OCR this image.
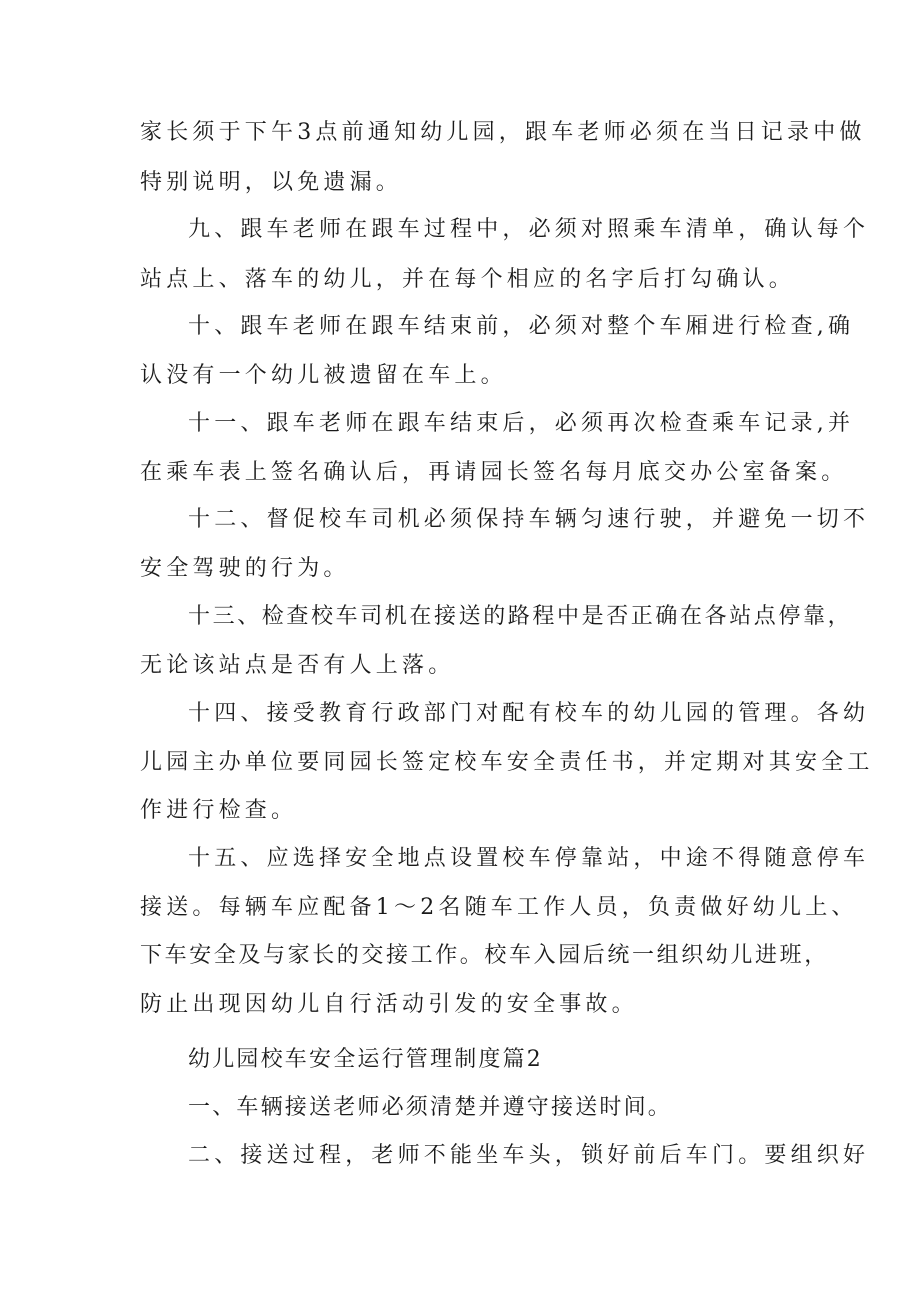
家长须于下午3点前通知幼儿园，跟车老师必须在当日记录中做
特别说明，以免遗漏。
九、跟车老师在跟车过程中，必须对照乘车清单，确认每个
站点上、落车的幼儿，并在每个相应的名字后打勾确认。
十、跟车老师在跟车结束前，必须对整个车厢进行检查,确
认没有一个幼儿被遗留在车上。
十一、跟车老师在跟车结束后，必须再次检查乘车记录,并
在乘车表上签名确认后，再请园长签名每月底交办公室备案。
十二、督促校车司机必须保持车辆匀速行驶，并避免一切不
安全驾驶的行为。
十三、检查校车司机在接送的路程中是否正确在各站点停靠，
无论该站点是否有人上落。
十四、接受教育行政部门对配有校车的幼儿园的管理。各幼
儿园主办单位要同园长签定校车安全责任书，并定期对其安全工
作进行检查。
十五、应选择安全地点设置校车停靠站，中途不得随意停车
接送。每辆车应配备1～2名随车工作人员，负责做好幼儿上、
下车安全及与家长的交接工作。校车入园后统一组织幼儿进班，
防止出现因幼儿自行活动引发的安全事故。
幼儿园校车安全运行管理制度篇2
一、车辆接送老师必须清楚并遵守接送时间。
二、接送过程，老师不能坐车头，锁好前后车门。要组织好
